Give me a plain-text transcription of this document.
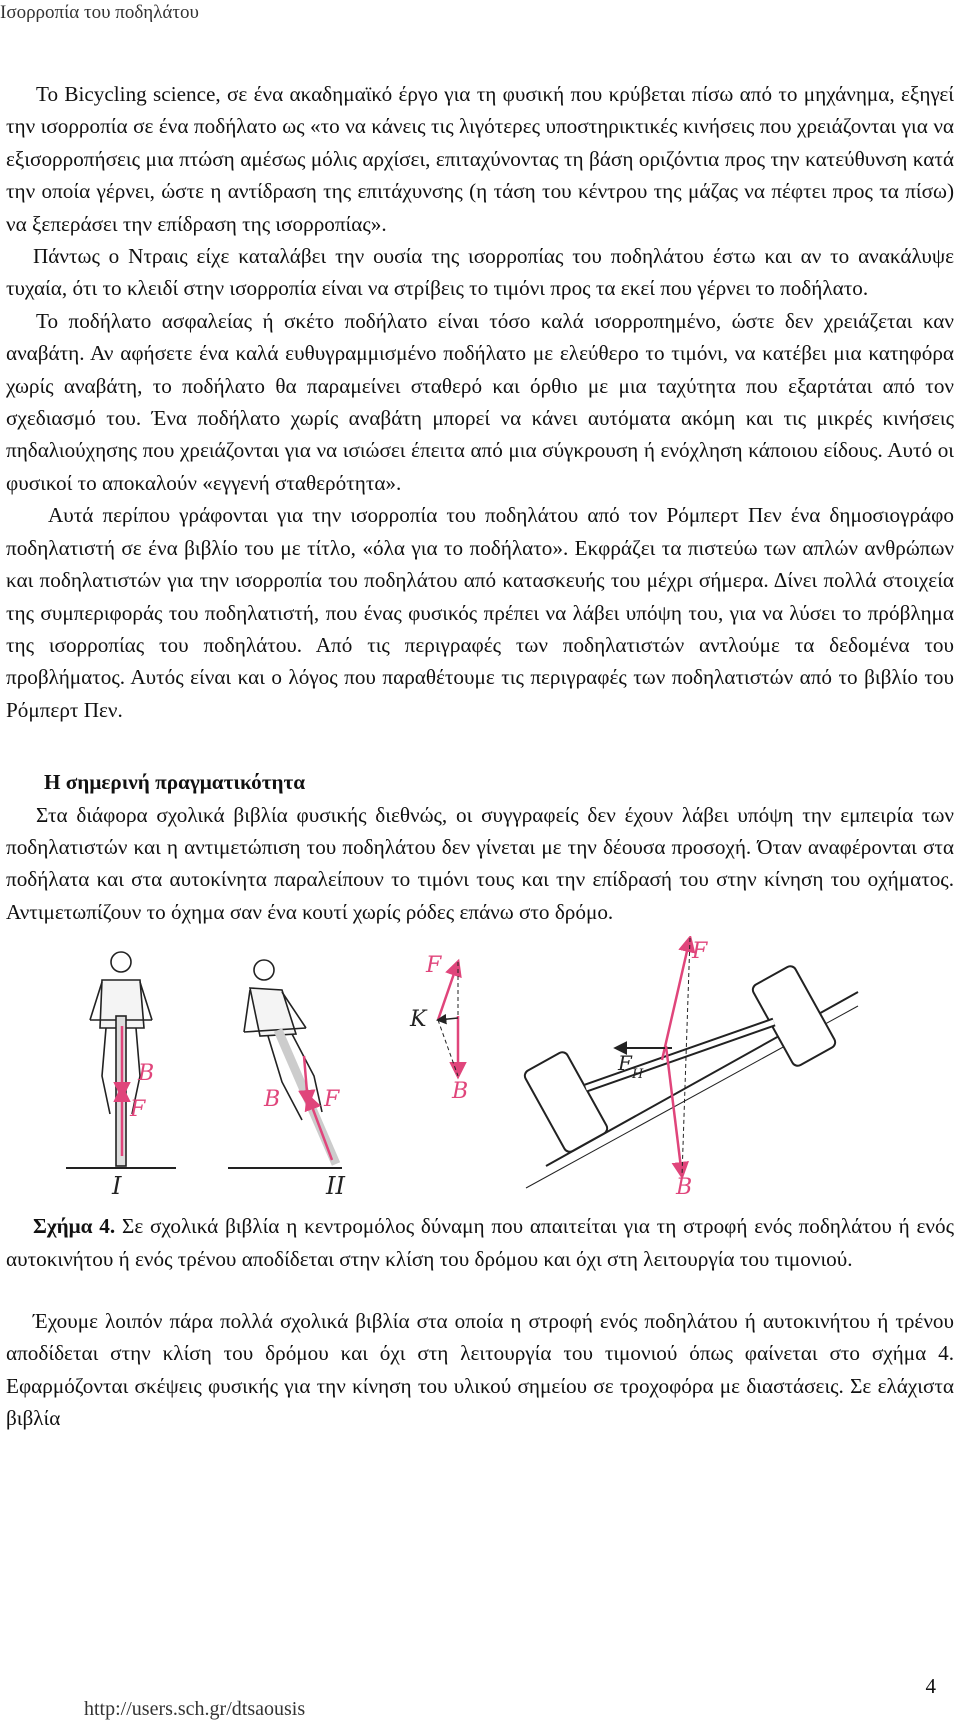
Ισορροπία του ποδηλάτου

Το Bicycling science, σε ένα ακαδημαϊκό έργο για τη φυσική που κρύβεται πίσω από το μηχάνημα, εξηγεί την ισορροπία σε ένα ποδήλατο ως «το να κάνεις τις λιγότερες υποστηρικτικές κινήσεις που χρειάζονται για να εξισορροπήσεις μια πτώση αμέσως μόλις αρχίσει, επιταχύνοντας τη βάση οριζόντια προς την κατεύθυνση κατά την οποία γέρνει, ώστε η αντίδραση της επιτάχυνσης (η τάση του κέντρου της μάζας να πέφτει προς τα πίσω) να ξεπεράσει την επίδραση της ισορροπίας».

Πάντως ο Ντραις είχε καταλάβει την ουσία της ισορροπίας του ποδηλάτου έστω και αν το ανακάλυψε τυχαία, ότι το κλειδί στην ισορροπία είναι να στρίβεις το τιμόνι προς τα εκεί που γέρνει το ποδήλατο.

Το ποδήλατο ασφαλείας ή σκέτο ποδήλατο είναι τόσο καλά ισορροπημένο, ώστε δεν χρειάζεται καν αναβάτη. Αν αφήσετε ένα καλά ευθυγραμμισμένο ποδήλατο με ελεύθερο το τιμόνι, να κατέβει μια κατηφόρα χωρίς αναβάτη, το ποδήλατο θα παραμείνει σταθερό και όρθιο με μια ταχύτητα που εξαρτάται από τον σχεδιασμό του. Ένα ποδήλατο χωρίς αναβάτη μπορεί να κάνει αυτόματα ακόμη και τις μικρές κινήσεις πηδαλιούχησης που χρειάζονται για να ισιώσει έπειτα από μια σύγκρουση ή ενόχληση κάποιου είδους. Αυτό οι φυσικοί το αποκαλούν «εγγενή σταθερότητα».

Αυτά περίπου γράφονται για την ισορροπία του ποδηλάτου από τον Ρόμπερτ Πεν ένα δημοσιογράφο ποδηλατιστή σε ένα βιβλίο του με τίτλο, «όλα για το ποδήλατο». Εκφράζει τα πιστεύω των απλών ανθρώπων και ποδηλατιστών για την ισορροπία του ποδηλάτου από κατασκευής του μέχρι σήμερα. Δίνει πολλά στοιχεία της συμπεριφοράς του ποδηλατιστή, που ένας φυσικός πρέπει να λάβει υπόψη του, για να λύσει το πρόβλημα της ισορροπίας του ποδηλάτου. Από τις περιγραφές των ποδηλατιστών αντλούμε τα δεδομένα του προβλήματος. Αυτός είναι και ο λόγος που παραθέτουμε τις περιγραφές των ποδηλατιστών από το βιβλίο του Ρόμπερτ Πεν.

Η σημερινή πραγματικότητα

Στα διάφορα σχολικά βιβλία φυσικής διεθνώς, οι συγγραφείς δεν έχουν λάβει υπόψη την εμπειρία των ποδηλατιστών και η αντιμετώπιση του ποδηλάτου δεν γίνεται με την δέουσα προσοχή. Όταν αναφέρονται στα ποδήλατα και στα αυτοκίνητα παραλείπουν το τιμόνι τους και την επίδρασή του στην κίνηση του οχήματος. Αντιμετωπίζουν το όχημα σαν ένα κουτί χωρίς ρόδες επάνω στο δρόμο.

B
F
I
B F
II
F
K
B
F
F H
B

Σχήμα 4. Σε σχολικά βιβλία η κεντρομόλος δύναμη που απαιτείται για τη στροφή ενός ποδηλάτου ή ενός αυτοκινήτου ή ενός τρένου αποδίδεται στην κλίση του δρόμου και όχι στη λειτουργία του τιμονιού.

Έχουμε λοιπόν πάρα πολλά σχολικά βιβλία στα οποία η στροφή ενός ποδηλάτου ή αυτοκινήτου ή τρένου αποδίδεται στην κλίση του δρόμου και όχι στη λειτουργία του τιμονιού όπως φαίνεται στο σχήμα 4. Εφαρμόζονται σκέψεις φυσικής για την κίνηση του υλικού σημείου σε τροχοφόρα με διαστάσεις. Σε ελάχιστα βιβλία

4
http://users.sch.gr/dtsaousis
